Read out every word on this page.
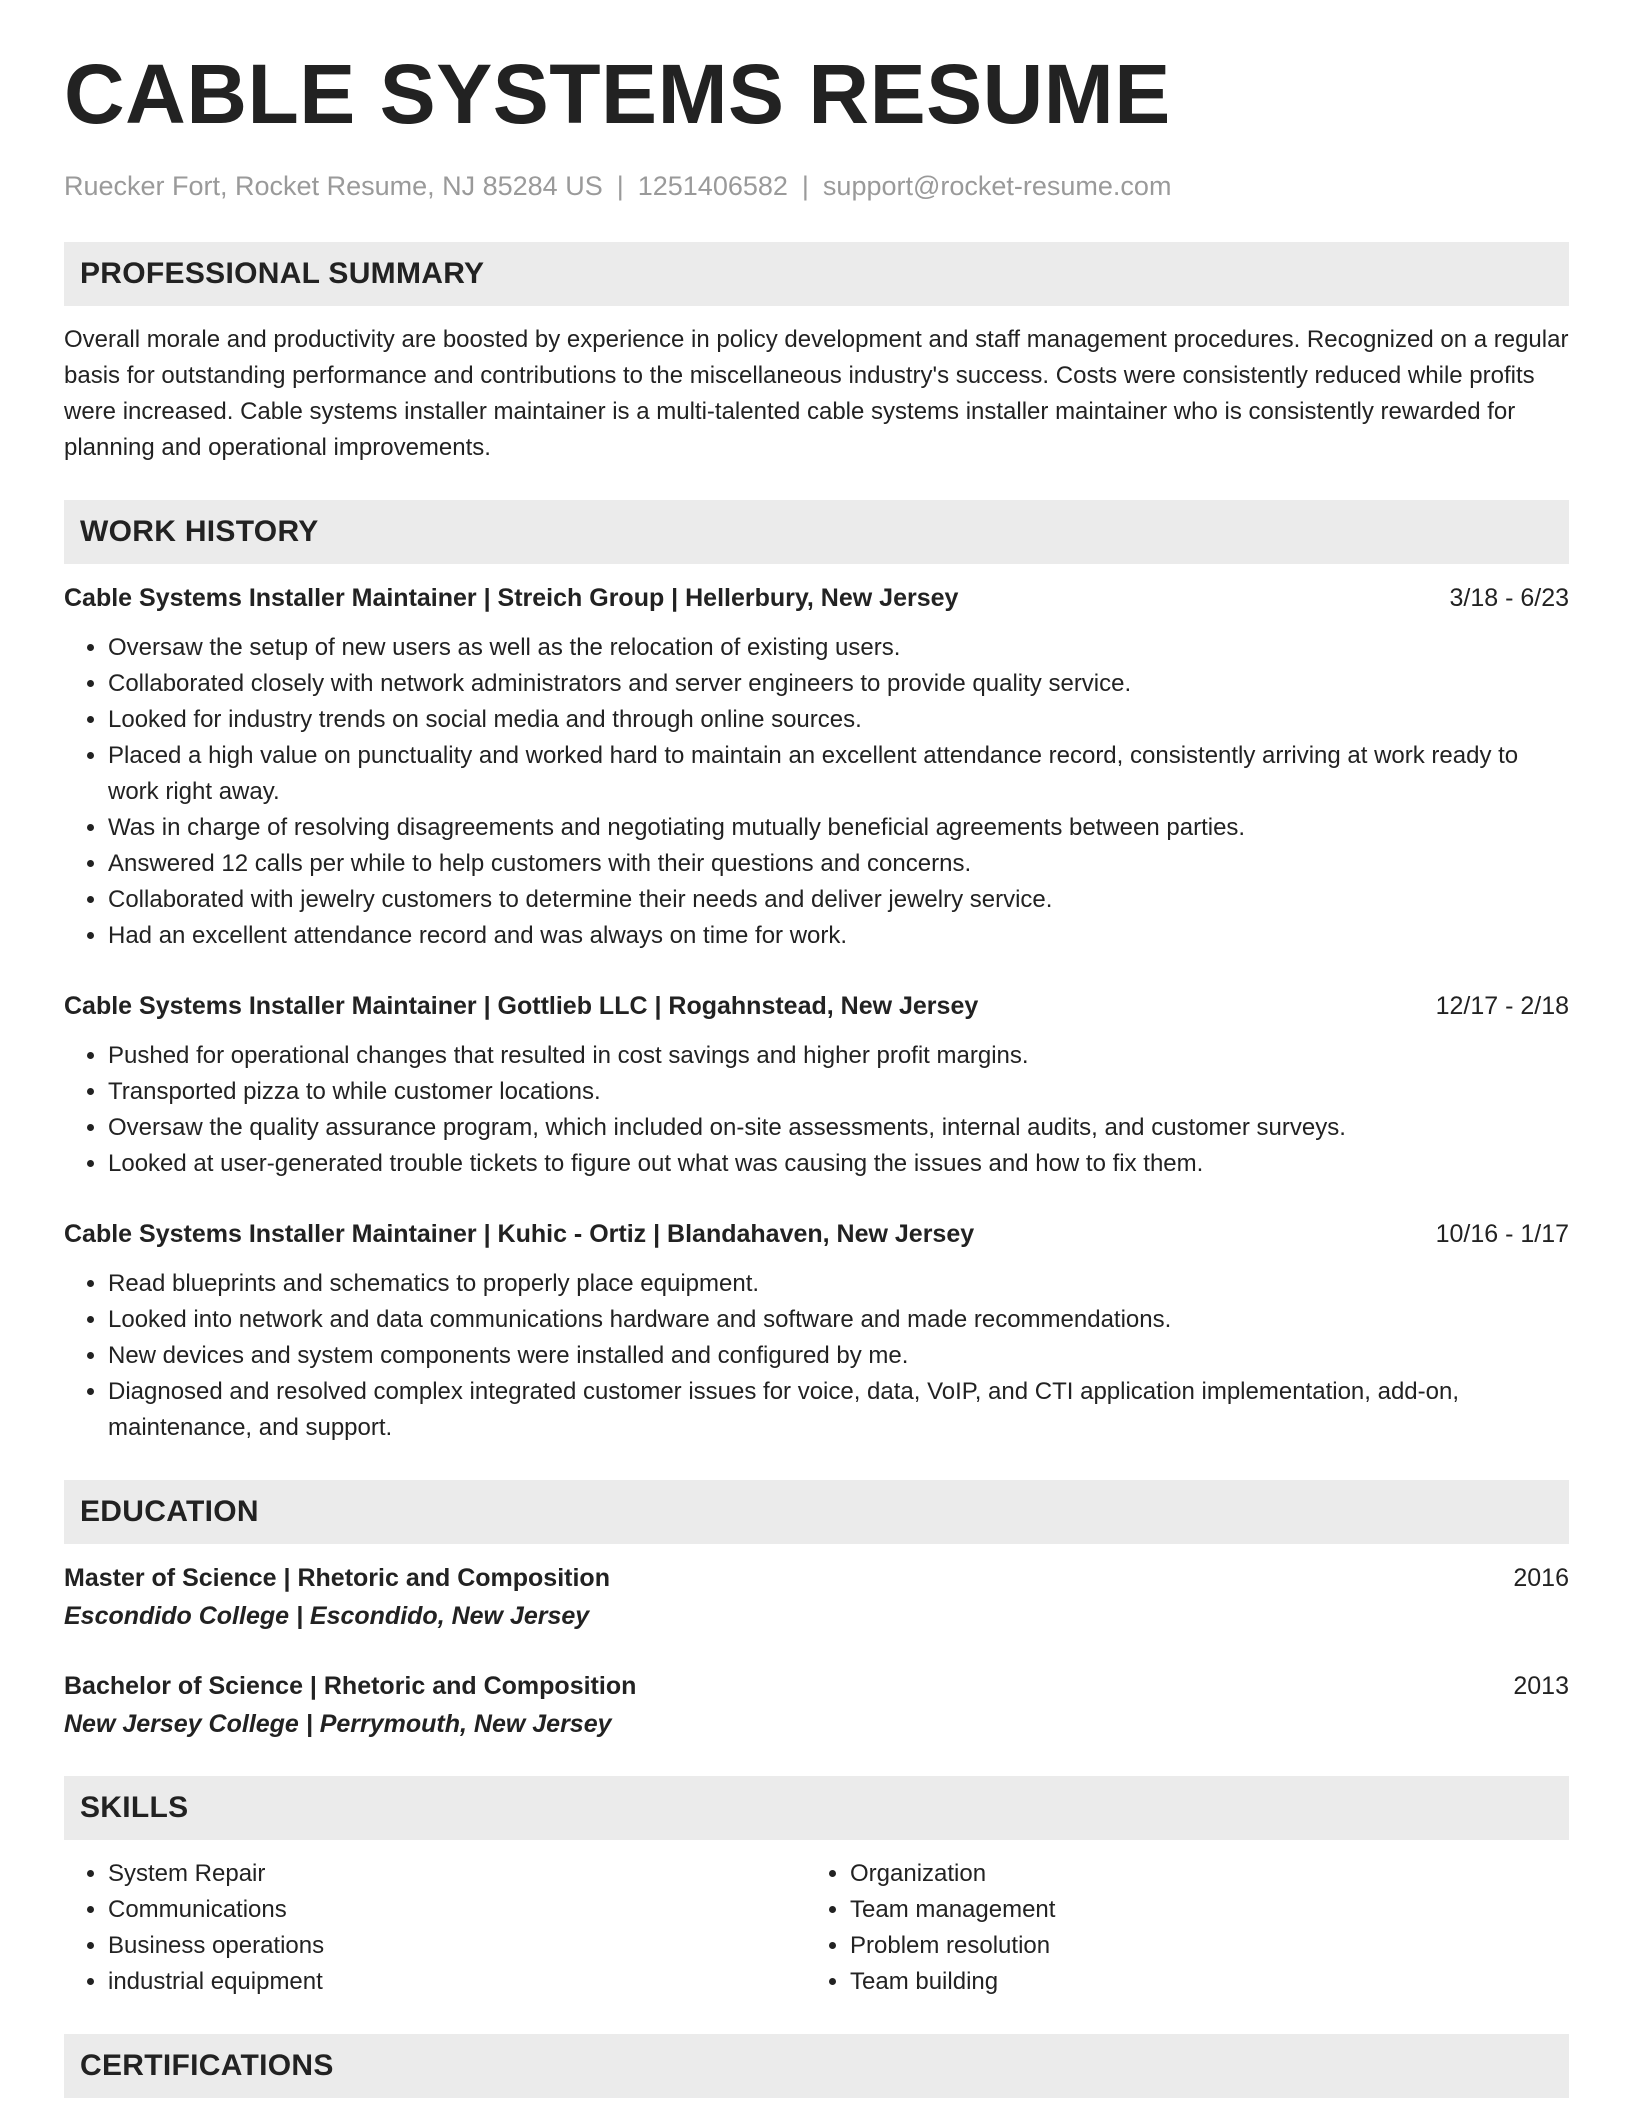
CABLE SYSTEMS RESUME
Ruecker Fort, Rocket Resume, NJ 85284 US | 1251406582 | support@rocket-resume.com
PROFESSIONAL SUMMARY
Overall morale and productivity are boosted by experience in policy development and staff management procedures. Recognized on a regular basis for outstanding performance and contributions to the miscellaneous industry's success. Costs were consistently reduced while profits were increased. Cable systems installer maintainer is a multi-talented cable systems installer maintainer who is consistently rewarded for planning and operational improvements.
WORK HISTORY
Cable Systems Installer Maintainer | Streich Group | Hellerbury, New Jersey	3/18 - 6/23
• Oversaw the setup of new users as well as the relocation of existing users.
• Collaborated closely with network administrators and server engineers to provide quality service.
• Looked for industry trends on social media and through online sources.
• Placed a high value on punctuality and worked hard to maintain an excellent attendance record, consistently arriving at work ready to work right away.
• Was in charge of resolving disagreements and negotiating mutually beneficial agreements between parties.
• Answered 12 calls per while to help customers with their questions and concerns.
• Collaborated with jewelry customers to determine their needs and deliver jewelry service.
• Had an excellent attendance record and was always on time for work.
Cable Systems Installer Maintainer | Gottlieb LLC | Rogahnstead, New Jersey	12/17 - 2/18
• Pushed for operational changes that resulted in cost savings and higher profit margins.
• Transported pizza to while customer locations.
• Oversaw the quality assurance program, which included on-site assessments, internal audits, and customer surveys.
• Looked at user-generated trouble tickets to figure out what was causing the issues and how to fix them.
Cable Systems Installer Maintainer | Kuhic - Ortiz | Blandahaven, New Jersey	10/16 - 1/17
• Read blueprints and schematics to properly place equipment.
• Looked into network and data communications hardware and software and made recommendations.
• New devices and system components were installed and configured by me.
• Diagnosed and resolved complex integrated customer issues for voice, data, VoIP, and CTI application implementation, add-on, maintenance, and support.
EDUCATION
Master of Science | Rhetoric and Composition	2016
Escondido College | Escondido, New Jersey
Bachelor of Science | Rhetoric and Composition	2013
New Jersey College | Perrymouth, New Jersey
SKILLS
• System Repair
• Communications
• Business operations
• industrial equipment
• Organization
• Team management
• Problem resolution
• Team building
CERTIFICATIONS
